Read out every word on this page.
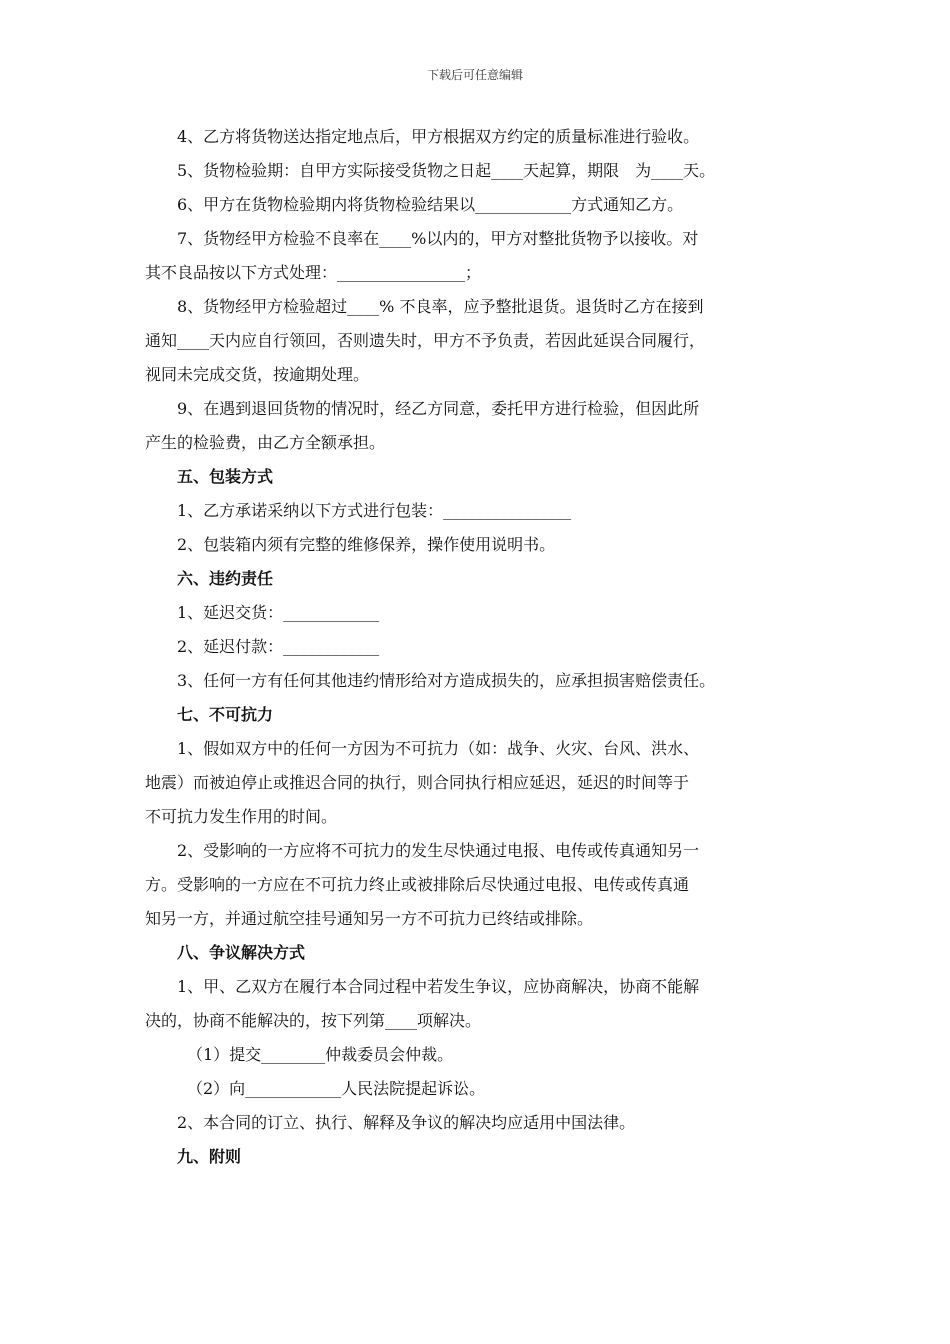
下载后可任意编辑
4、乙方将货物送达指定地点后，甲方根据双方约定的质量标准进行验收。
5、货物检验期：自甲方实际接受货物之日起____天起算，期限　为____天。
6、甲方在货物检验期内将货物检验结果以____________方式通知乙方。
7、货物经甲方检验不良率在____%以内的，甲方对整批货物予以接收。对
其不良品按以下方式处理：________________；
8、货物经甲方检验超过____% 不良率，应予整批退货。退货时乙方在接到
通知____天内应自行领回，否则遗失时，甲方不予负责，若因此延误合同履行，
视同未完成交货，按逾期处理。
9、在遇到退回货物的情况时，经乙方同意，委托甲方进行检验，但因此所
产生的检验费，由乙方全额承担。
五、包装方式
1、乙方承诺采纳以下方式进行包装：________________
2、包装箱内须有完整的维修保养，操作使用说明书。
六、违约责任
1、延迟交货：____________
2、延迟付款：____________
3、任何一方有任何其他违约情形给对方造成损失的，应承担损害赔偿责任。
七、不可抗力
1、假如双方中的任何一方因为不可抗力（如：战争、火灾、台风、洪水、
地震）而被迫停止或推迟合同的执行，则合同执行相应延迟，延迟的时间等于
不可抗力发生作用的时间。
2、受影响的一方应将不可抗力的发生尽快通过电报、电传或传真通知另一
方。受影响的一方应在不可抗力终止或被排除后尽快通过电报、电传或传真通
知另一方，并通过航空挂号通知另一方不可抗力已终结或排除。
八、争议解决方式
1、甲、乙双方在履行本合同过程中若发生争议，应协商解决，协商不能解
决的，协商不能解决的，按下列第____项解决。
（1）提交________仲裁委员会仲裁。
（2）向____________人民法院提起诉讼。
2、本合同的订立、执行、解释及争议的解决均应适用中国法律。
九、附则
